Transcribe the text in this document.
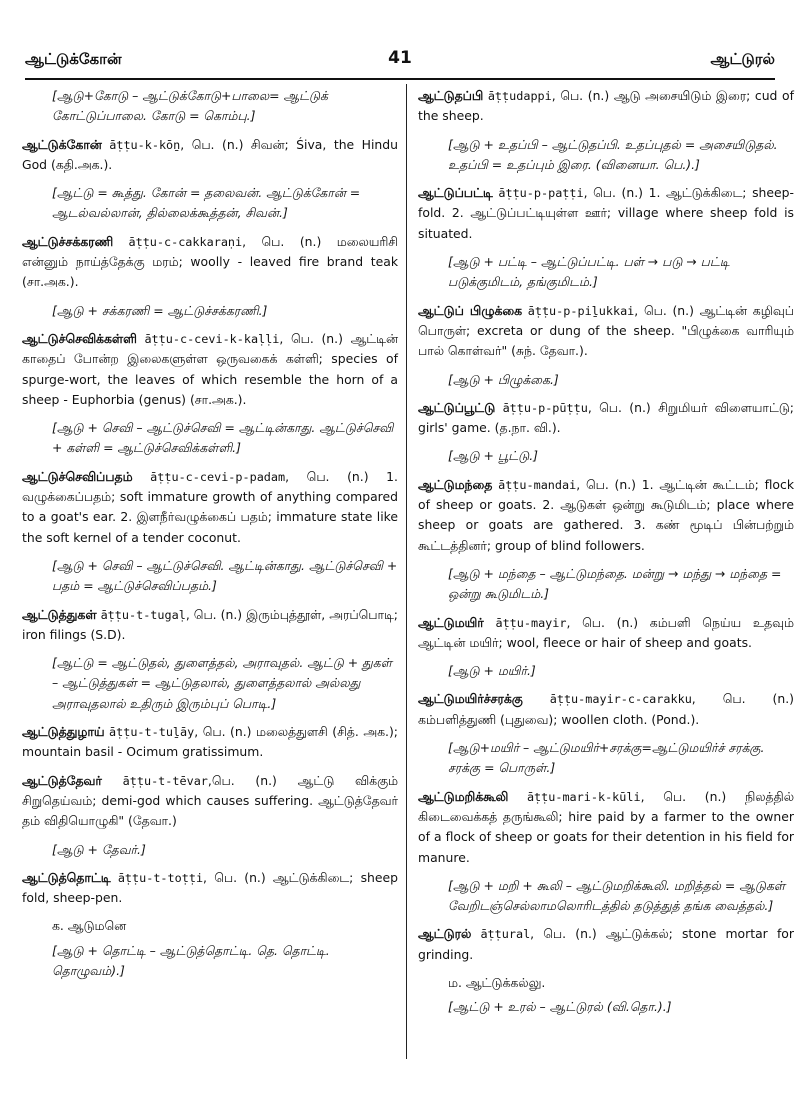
ஆட்டுக்கோன்	41	ஆட்டுரல்

[ஆடு+கோடு – ஆட்டுக்கோடு+பாலை= ஆட்டுக் கோட்டுப்பாலை. கோடு = கொம்பு.]

ஆட்டுக்கோன் āṭṭu-k-kōṉ, பெ. (n.) சிவன்; Śiva, the Hindu God (கதி.அக.).

[ஆட்டு = கூத்து. கோன் = தலைவன். ஆட்டுக்கோன் = ஆடல்வல்லான், தில்லைக்கூத்தன், சிவன்.]

ஆட்டுச்சக்கரணி āṭṭu-c-cakkaraṇi, பெ. (n.) மலையரிசி என்னும் நாய்த்தேக்கு மரம்; woolly - leaved fire brand teak (சா.அக.).

[ஆடு + சக்கரணி = ஆட்டுச்சக்கரணி.]

ஆட்டுச்செவிக்கள்ளி āṭṭu-c-cevi-k-kaḷḷi, பெ. (n.) ஆட்டின் காதைப் போன்ற இலைகளுள்ள ஒருவகைக் கள்ளி; species of spurge-wort, the leaves of which resemble the horn of a sheep - Euphorbia (genus) (சா.அக.).

[ஆடு + செவி – ஆட்டுச்செவி = ஆட்டின்காது. ஆட்டுச்செவி + கள்ளி = ஆட்டுச்செவிக்கள்ளி.]

ஆட்டுச்செவிப்பதம் āṭṭu-c-cevi-p-padam, பெ. (n.) 1. வழுக்கைப்பதம்; soft immature growth of anything compared to a goat's ear. 2. இளநீர்வழுக்கைப் பதம்; immature state like the soft kernel of a tender coconut.

[ஆடு + செவி – ஆட்டுச்செவி. ஆட்டின்காது. ஆட்டுச்செவி + பதம் = ஆட்டுச்செவிப்பதம்.]

ஆட்டுத்துகள் āṭṭu-t-tugaḷ, பெ. (n.) இரும்புத்தூள், அரப்பொடி; iron filings (S.D).

[ஆட்டு = ஆட்டுதல், துளைத்தல், அராவுதல். ஆட்டு + துகள் – ஆட்டுத்துகள் = ஆட்டுதலால், துளைத்தலால் அல்லது அராவுதலால் உதிரும் இரும்புப் பொடி.]

ஆட்டுத்துழாய் āṭṭu-t-tuḻāy, பெ. (n.) மலைத்துளசி (சித். அக.); mountain basil - Ocimum gratissimum.

ஆட்டுத்தேவர் āṭṭu-t-tēvar,பெ. (n.) ஆட்டு விக்கும் சிறுதெய்வம்; demi-god which causes suffering. ஆட்டுத்தேவர் தம் விதியொழுகி" (தேவா.)

[ஆடு + தேவர்.]

ஆட்டுத்தொட்டி āṭṭu-t-toṭṭi, பெ. (n.) ஆட்டுக்கிடை; sheep fold, sheep-pen.

க. ஆடுமனெ

[ஆடு + தொட்டி – ஆட்டுத்தொட்டி. தெ. தொட்டி. தொழுவம்).]

ஆட்டுதப்பி āṭṭudappi, பெ. (n.) ஆடு அசையிடும் இரை; cud of the sheep.

[ஆடு + உதப்பி – ஆட்டுதப்பி. உதப்புதல் = அசையிடுதல். உதப்பி = உதப்பும் இரை. (வினையா. பெ.).]

ஆட்டுப்பட்டி āṭṭu-p-paṭṭi, பெ. (n.) 1. ஆட்டுக்கிடை; sheep-fold. 2. ஆட்டுப்பட்டியுள்ள ஊர்; village where sheep fold is situated.

[ஆடு + பட்டி – ஆட்டுப்பட்டி. பள் → படு → பட்டி படுக்குமிடம், தங்குமிடம்.]

ஆட்டுப் பிழுக்கை āṭṭu-p-piḻukkai, பெ. (n.) ஆட்டின் கழிவுப் பொருள்; excreta or dung of the sheep. "பிழுக்கை வாரியும் பால் கொள்வர்" (சுந். தேவா.).

[ஆடு + பிழுக்கை.]

ஆட்டுப்பூட்டு āṭṭu-p-pūṭṭu, பெ. (n.) சிறுமியர் விளையாட்டு; girls' game. (த.நா. வி.).

[ஆடு + பூட்டு.]

ஆட்டுமந்தை āṭṭu-mandai, பெ. (n.) 1. ஆட்டின் கூட்டம்; flock of sheep or goats. 2. ஆடுகள் ஒன்று கூடுமிடம்; place where sheep or goats are gathered. 3. கண் மூடிப் பின்பற்றும் கூட்டத்தினர்; group of blind followers.

[ஆடு + மந்தை – ஆட்டுமந்தை. மன்று → மந்து → மந்தை = ஒன்று கூடுமிடம்.]

ஆட்டுமயிர் āṭṭu-mayir, பெ. (n.) கம்பளி நெய்ய உதவும் ஆட்டின் மயிர்; wool, fleece or hair of sheep and goats.

[ஆடு + மயிர்.]

ஆட்டுமயிர்ச்சரக்கு āṭṭu-mayir-c-carakku, பெ. (n.) கம்பளித்துணி (புதுவை); woollen cloth. (Pond.).

[ஆடு+மயிர் – ஆட்டுமயிர்+சரக்கு=ஆட்டுமயிர்ச் சரக்கு. சரக்கு = பொருள்.]

ஆட்டுமறிக்கூலி āṭṭu-mari-k-kūli, பெ. (n.) நிலத்தில் கிடைவைக்கத் தருங்கூலி; hire paid by a farmer to the owner of a flock of sheep or goats for their detention in his field for manure.

[ஆடு + மறி + கூலி – ஆட்டுமறிக்கூலி. மறித்தல் = ஆடுகள் வேறிடஞ்செல்லாமலொரிடத்தில் தடுத்துத் தங்க வைத்தல்.]

ஆட்டுரல் āṭṭural, பெ. (n.) ஆட்டுக்கல்; stone mortar for grinding.

ம. ஆட்டுக்கல்லு.

[ஆட்டு + உரல் – ஆட்டுரல் (வி.தொ.).]
